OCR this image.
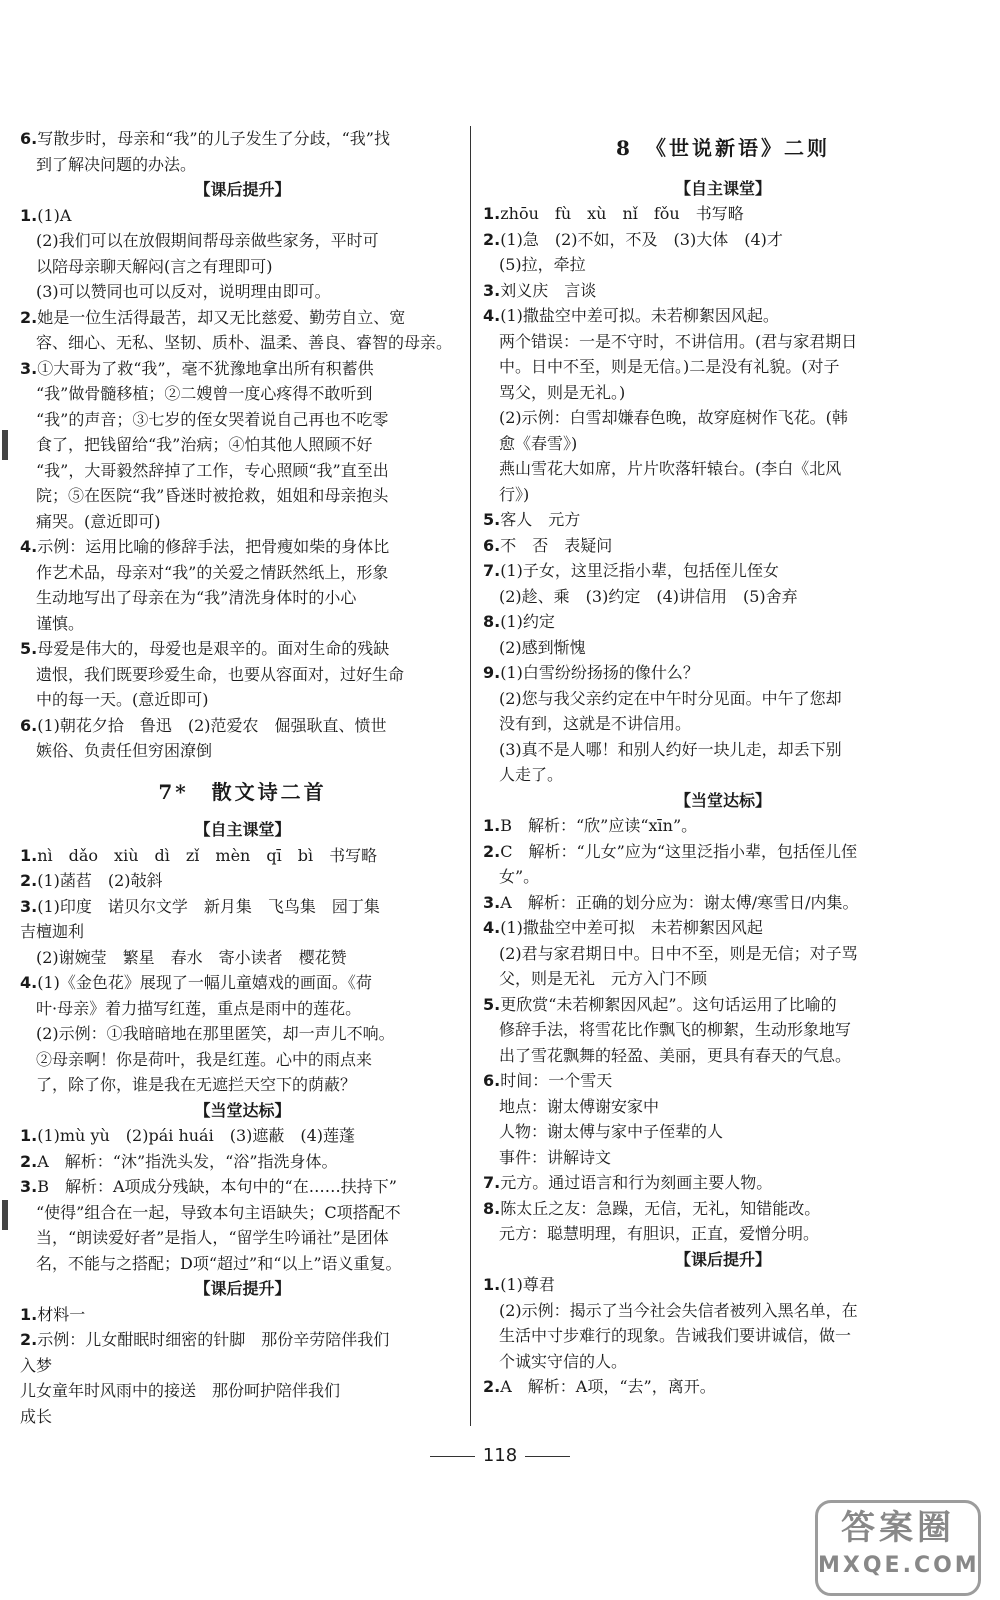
6.写散步时，母亲和“我”的儿子发生了分歧，“我”找
到了解决问题的办法。
【课后提升】
1.(1)A
(2)我们可以在放假期间帮母亲做些家务，平时可
以陪母亲聊天解闷(言之有理即可)
(3)可以赞同也可以反对，说明理由即可。
2.她是一位生活得最苦，却又无比慈爱、勤劳自立、宽
容、细心、无私、坚韧、质朴、温柔、善良、睿智的母亲。
3.①大哥为了救“我”，毫不犹豫地拿出所有积蓄供
“我”做骨髓移植；②二嫂曾一度心疼得不敢听到
“我”的声音；③七岁的侄女哭着说自己再也不吃零
食了，把钱留给“我”治病；④怕其他人照顾不好
“我”，大哥毅然辞掉了工作，专心照顾“我”直至出
院；⑤在医院“我”昏迷时被抢救，姐姐和母亲抱头
痛哭。(意近即可)
4.示例：运用比喻的修辞手法，把骨瘦如柴的身体比
作艺术品，母亲对“我”的关爱之情跃然纸上，形象
生动地写出了母亲在为“我”清洗身体时的小心
谨慎。
5.母爱是伟大的，母爱也是艰辛的。面对生命的残缺
遗恨，我们既要珍爱生命，也要从容面对，过好生命
中的每一天。(意近即可)
6.(1)朝花夕拾　鲁迅　(2)范爱农　倔强耿直、愤世
嫉俗、负责任但穷困潦倒
7*　散文诗二首
【自主课堂】
1.nì　dǎo　xiù　dì　zǐ　mèn　qī　bì　书写略
2.(1)菡萏　(2)敧斜
3.(1)印度　诺贝尔文学　新月集　飞鸟集　园丁集
吉檀迦利
(2)谢婉莹　繁星　春水　寄小读者　樱花赞
4.(1)《金色花》展现了一幅儿童嬉戏的画面。《荷
叶·母亲》着力描写红莲，重点是雨中的莲花。
(2)示例：①我暗暗地在那里匿笑，却一声儿不响。
②母亲啊！你是荷叶，我是红莲。心中的雨点来
了，除了你，谁是我在无遮拦天空下的荫蔽？
【当堂达标】
1.(1)mù yù　(2)pái huái　(3)遮蔽　(4)莲蓬
2.A　解析：“沐”指洗头发，“浴”指洗身体。
3.B　解析：A项成分残缺，本句中的“在……扶持下”
“使得”组合在一起，导致本句主语缺失；C项搭配不
当，“朗读爱好者”是指人，“留学生吟诵社”是团体
名，不能与之搭配；D项“超过”和“以上”语义重复。
【课后提升】
1.材料一
2.示例：儿女酣眠时细密的针脚　那份辛劳陪伴我们
入梦
儿女童年时风雨中的接送　那份呵护陪伴我们
成长
8　《世说新语》二则
【自主课堂】
1.zhōu　fù　xù　nǐ　fǒu　书写略
2.(1)急　(2)不如，不及　(3)大体　(4)才
(5)拉，牵拉
3.刘义庆　言谈
4.(1)撒盐空中差可拟。未若柳絮因风起。
两个错误：一是不守时，不讲信用。(君与家君期日
中。日中不至，则是无信。)二是没有礼貌。(对子
骂父，则是无礼。)
(2)示例：白雪却嫌春色晚，故穿庭树作飞花。(韩
愈《春雪》)
燕山雪花大如席，片片吹落轩辕台。(李白《北风
行》)
5.客人　元方
6.不　否　表疑问
7.(1)子女，这里泛指小辈，包括侄儿侄女
(2)趁、乘　(3)约定　(4)讲信用　(5)舍弃
8.(1)约定
(2)感到惭愧
9.(1)白雪纷纷扬扬的像什么？
(2)您与我父亲约定在中午时分见面。中午了您却
没有到，这就是不讲信用。
(3)真不是人哪！和别人约好一块儿走，却丢下别
人走了。
【当堂达标】
1.B　解析：“欣”应读“xīn”。
2.C　解析：“儿女”应为“这里泛指小辈，包括侄儿侄
女”。
3.A　解析：正确的划分应为：谢太傅/寒雪日/内集。
4.(1)撒盐空中差可拟　未若柳絮因风起
(2)君与家君期日中。日中不至，则是无信；对子骂
父，则是无礼　元方入门不顾
5.更欣赏“未若柳絮因风起”。这句话运用了比喻的
修辞手法，将雪花比作飘飞的柳絮，生动形象地写
出了雪花飘舞的轻盈、美丽，更具有春天的气息。
6.时间：一个雪天
地点：谢太傅谢安家中
人物：谢太傅与家中子侄辈的人
事件：讲解诗文
7.元方。通过语言和行为刻画主要人物。
8.陈太丘之友：急躁，无信，无礼，知错能改。
元方：聪慧明理，有胆识，正直，爱憎分明。
【课后提升】
1.(1)尊君
(2)示例：揭示了当今社会失信者被列入黑名单，在
生活中寸步难行的现象。告诫我们要讲诚信，做一
个诚实守信的人。
2.A　解析：A项，“去”，离开。
118
答案圈
MXQE.COM
